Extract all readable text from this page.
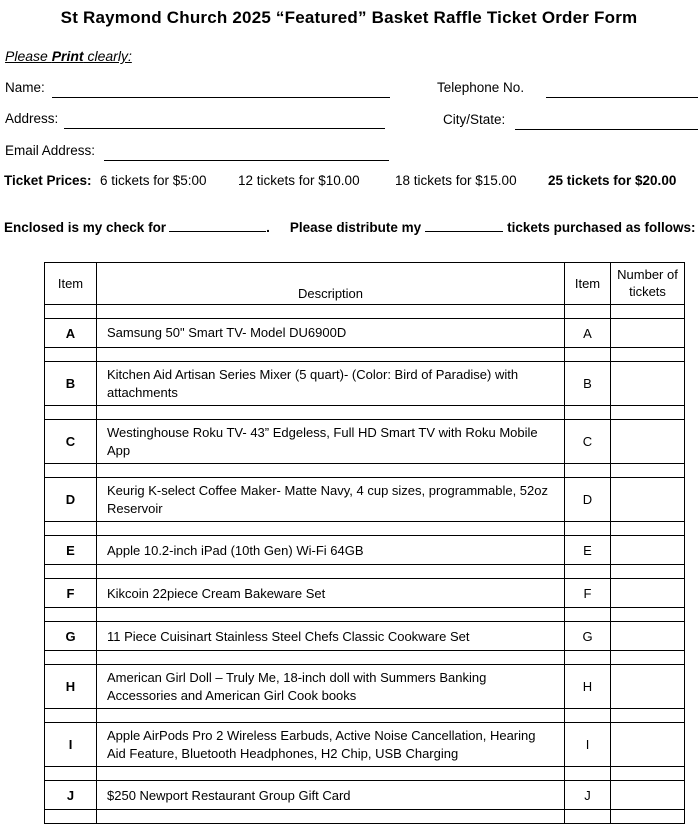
St Raymond Church 2025 “Featured” Basket Raffle Ticket Order Form
Please Print clearly:
Name:	Telephone No.
Address:	City/State:
Email Address:
Ticket Prices: 6 tickets for $5:00 12 tickets for $10.00	18 tickets for $15.00 25 tickets for $20.00
Enclosed is my check for	. Please distribute my	tickets purchased as follows:
Item	Description	Item	Number of tickets

A	Samsung 50" Smart TV- Model DU6900D	A	

B	Kitchen Aid Artisan Series Mixer (5 quart)- (Color: Bird of Paradise) with attachments	B	

C	Westinghouse Roku TV- 43” Edgeless, Full HD Smart TV with Roku Mobile App	C	

D	Keurig K-select Coffee Maker- Matte Navy, 4 cup sizes, programmable, 52oz Reservoir	D	

E	Apple 10.2-inch iPad (10th Gen) Wi-Fi 64GB	E	

F	Kikcoin 22piece Cream Bakeware Set	F	

G	11 Piece Cuisinart Stainless Steel Chefs Classic Cookware Set	G	

H	American Girl Doll – Truly Me, 18-inch doll with Summers Banking Accessories and American Girl Cook books	H	

I	Apple AirPods Pro 2 Wireless Earbuds, Active Noise Cancellation, Hearing Aid Feature, Bluetooth Headphones, H2 Chip, USB Charging	I	

J	$250 Newport Restaurant Group Gift Card	J	
